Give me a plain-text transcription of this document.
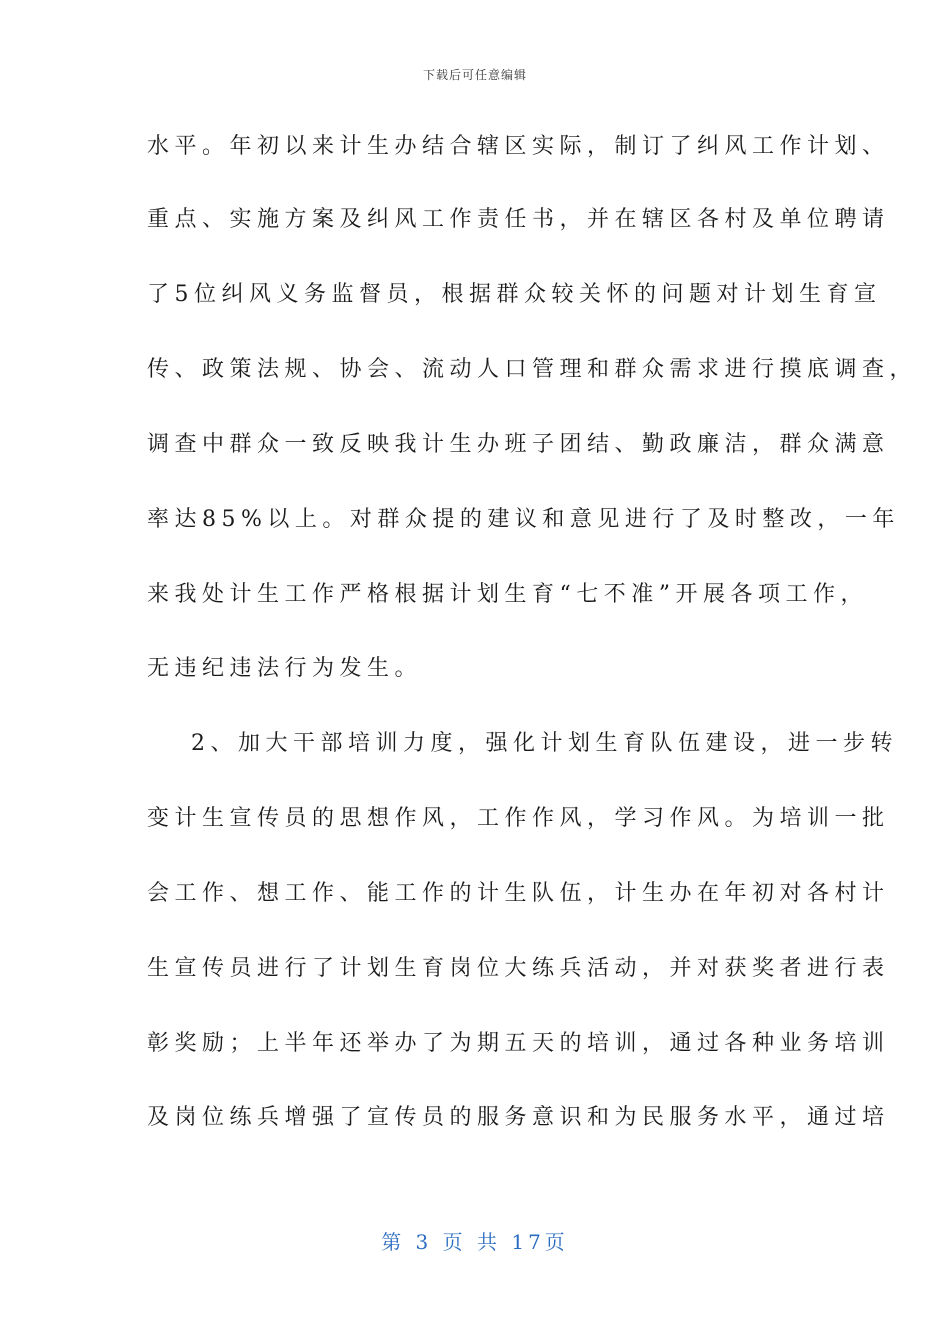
下载后可任意编辑
水平。年初以来计生办结合辖区实际，制订了纠风工作计划、
重点、实施方案及纠风工作责任书，并在辖区各村及单位聘请
了5位纠风义务监督员，根据群众较关怀的问题对计划生育宣
传、政策法规、协会、流动人口管理和群众需求进行摸底调查，
调查中群众一致反映我计生办班子团结、勤政廉洁，群众满意
率达85%以上。对群众提的建议和意见进行了及时整改，一年
来我处计生工作严格根据计划生育“七不准”开展各项工作，
无违纪违法行为发生。
2、加大干部培训力度，强化计划生育队伍建设，进一步转
变计生宣传员的思想作风，工作作风，学习作风。为培训一批
会工作、想工作、能工作的计生队伍，计生办在年初对各村计
生宣传员进行了计划生育岗位大练兵活动，并对获奖者进行表
彰奖励；上半年还举办了为期五天的培训，通过各种业务培训
及岗位练兵增强了宣传员的服务意识和为民服务水平，通过培
第 3 页 共 17页
